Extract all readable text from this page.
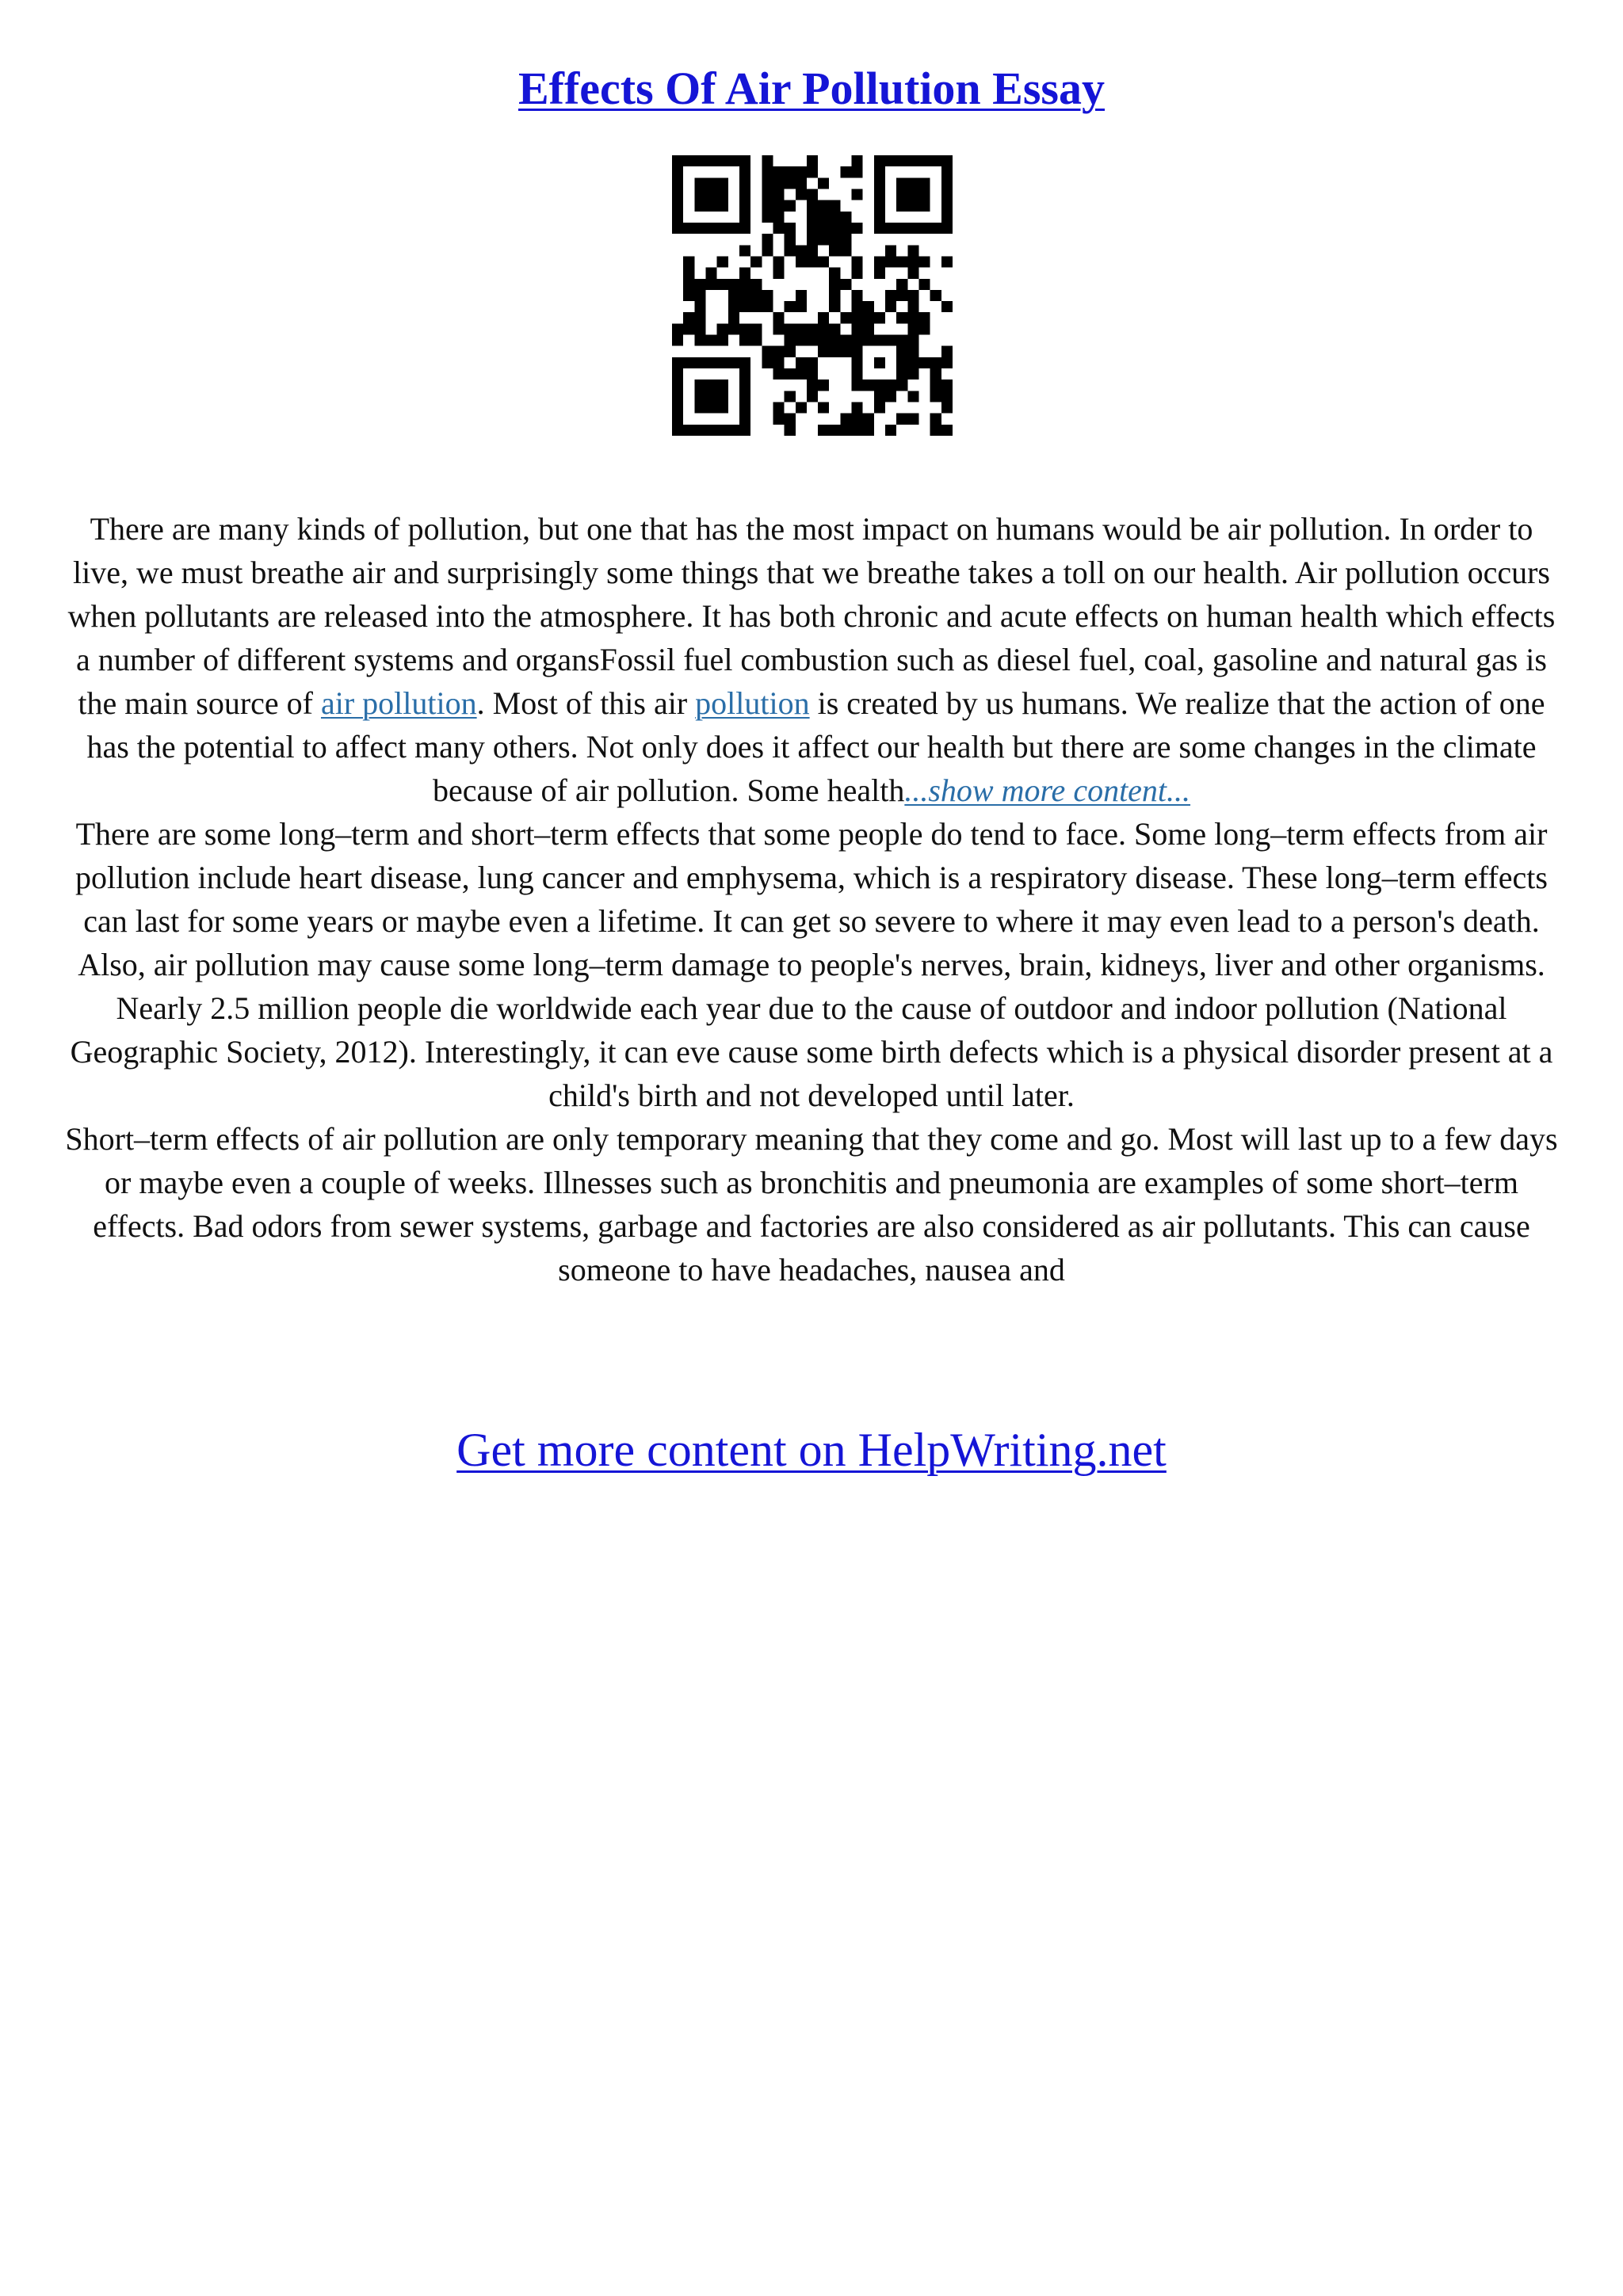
Effects Of Air Pollution Essay

There are many kinds of pollution, but one that has the most impact on humans would be air pollution. In order to live, we must breathe air and surprisingly some things that we breathe takes a toll on our health. Air pollution occurs when pollutants are released into the atmosphere. It has both chronic and acute effects on human health which effects a number of different systems and organsFossil fuel combustion such as diesel fuel, coal, gasoline and natural gas is the main source of air pollution. Most of this air pollution is created by us humans. We realize that the action of one has the potential to affect many others. Not only does it affect our health but there are some changes in the climate because of air pollution. Some health...show more content...

There are some long–term and short–term effects that some people do tend to face. Some long–term effects from air pollution include heart disease, lung cancer and emphysema, which is a respiratory disease. These long–term effects can last for some years or maybe even a lifetime. It can get so severe to where it may even lead to a person's death. Also, air pollution may cause some long–term damage to people's nerves, brain, kidneys, liver and other organisms. Nearly 2.5 million people die worldwide each year due to the cause of outdoor and indoor pollution (National Geographic Society, 2012). Interestingly, it can eve cause some birth defects which is a physical disorder present at a child's birth and not developed until later.

Short–term effects of air pollution are only temporary meaning that they come and go. Most will last up to a few days or maybe even a couple of weeks. Illnesses such as bronchitis and pneumonia are examples of some short–term effects. Bad odors from sewer systems, garbage and factories are also considered as air pollutants. This can cause someone to have headaches, nausea and

Get more content on HelpWriting.net
